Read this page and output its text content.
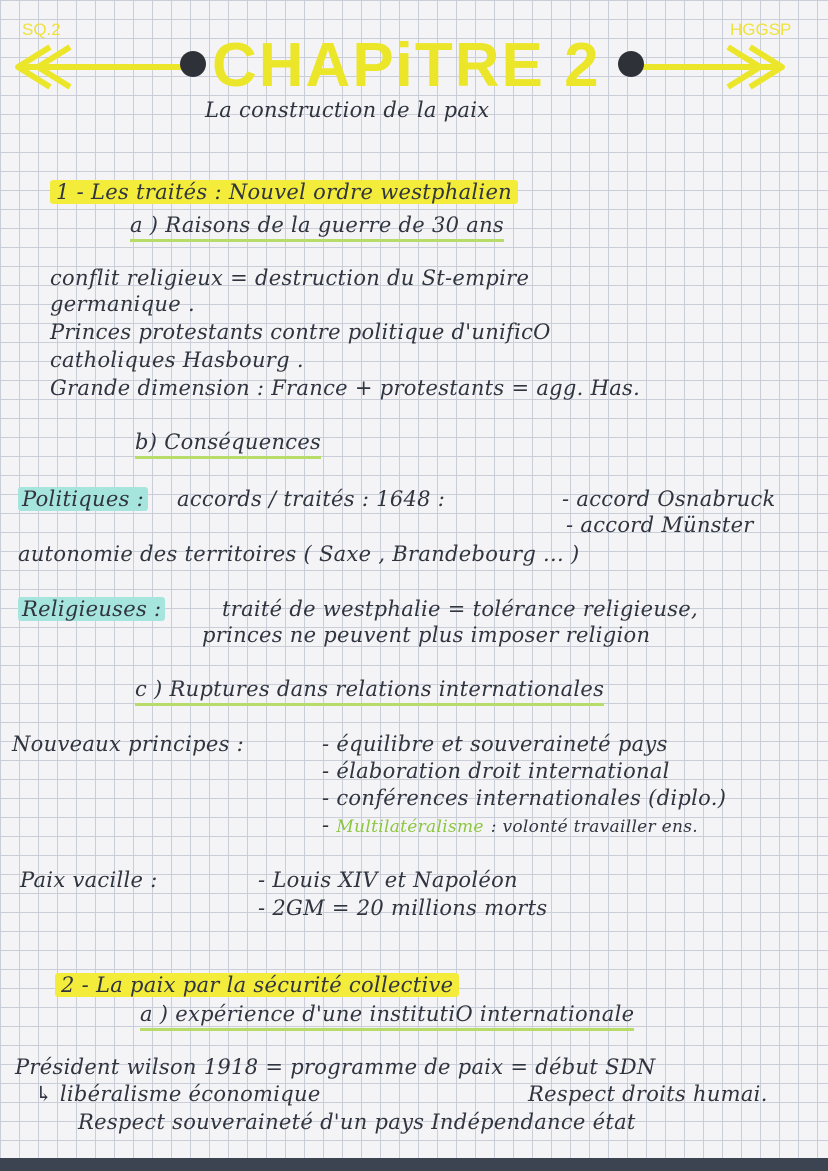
SQ.2	HGGSP
CHAPiTRE 2
La construction de la paix
1 - Les traités : Nouvel ordre westphalien
a ) Raisons de la guerre de 30 ans
conflit religieux = destruction du St-empire
germanique .
Princes protestants contre politique d'unificO
catholiques Hasbourg .
Grande dimension : France + protestants = agg. Has.
b) Conséquences
Politiques : accords / traités : 1648 :	- accord Osnabruck
- accord Münster
autonomie des territoires ( Saxe , Brandebourg ... )
Religieuses :	traité de westphalie = tolérance religieuse,
princes ne peuvent plus imposer religion
c ) Ruptures dans relations internationales
Nouveaux principes :	- équilibre et souveraineté pays
- élaboration droit international
- conférences internationales (diplo.)
- Multilatéralisme : volonté travailler ens.
Paix vacille :	- Louis XIV et Napoléon
- 2GM = 20 millions morts
2 - La paix par la sécurité collective
a ) expérience d'une institutiO internationale
Président wilson 1918 = programme de paix = début SDN
↳ libéralisme économique	Respect droits humai.
Respect souveraineté d'un pays Indépendance état
